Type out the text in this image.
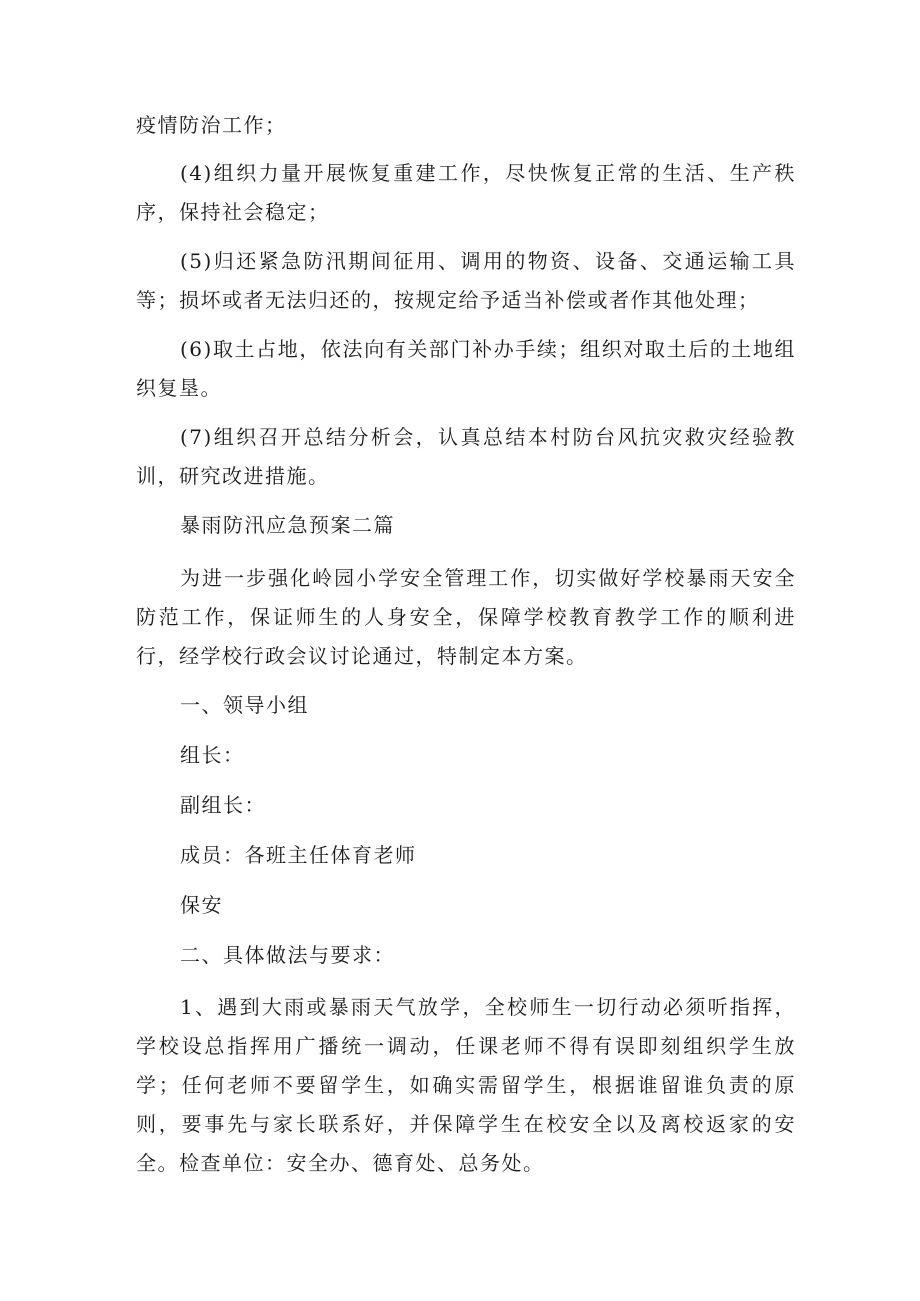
疫情防治工作；

(4)组织力量开展恢复重建工作，尽快恢复正常的生活、生产秩序，保持社会稳定；

(5)归还紧急防汛期间征用、调用的物资、设备、交通运输工具等；损坏或者无法归还的，按规定给予适当补偿或者作其他处理；

(6)取土占地，依法向有关部门补办手续；组织对取土后的土地组织复垦。

(7)组织召开总结分析会，认真总结本村防台风抗灾救灾经验教训，研究改进措施。

暴雨防汛应急预案二篇

为进一步强化岭园小学安全管理工作，切实做好学校暴雨天安全防范工作，保证师生的人身安全，保障学校教育教学工作的顺利进行，经学校行政会议讨论通过，特制定本方案。

一、领导小组

组长：

副组长：

成员：各班主任体育老师

保安

二、具体做法与要求：

1、遇到大雨或暴雨天气放学，全校师生一切行动必须听指挥，学校设总指挥用广播统一调动，任课老师不得有误即刻组织学生放学；任何老师不要留学生，如确实需留学生，根据谁留谁负责的原则，要事先与家长联系好，并保障学生在校安全以及离校返家的安全。检查单位：安全办、德育处、总务处。
